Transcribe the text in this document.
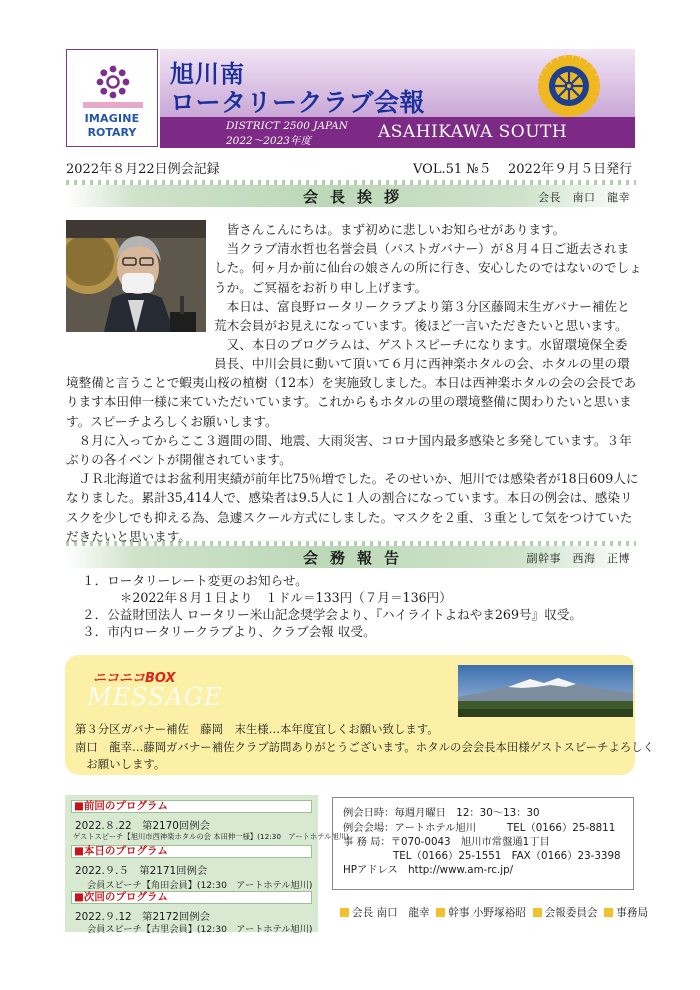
IMAGINE
ROTARY
旭川南
ロータリークラブ会報
DISTRICT 2500 JAPAN
2022〜2023年度	ASAHIKAWA SOUTH
2022年８月22日例会記録	VOL.51 №５ 2022年９月５日発行
会長挨拶	会長　南口　龍幸

　皆さんこんにちは。まず初めに悲しいお知らせがあります。

　当クラブ清水哲也名誉会員（パストガバナー）が８月４日ご逝去されま

した。何ヶ月か前に仙台の娘さんの所に行き、安心したのではないのでしょ

うか。ご冥福をお祈り申し上げます。

　本日は、富良野ロータリークラブより第３分区藤岡末生ガバナー補佐と

荒木会員がお見えになっています。後ほど一言いただきたいと思います。

　又、本日のプログラムは、ゲストスピーチになります。水留環境保全委

員長、中川会員に動いて頂いて６月に西神楽ホタルの会、ホタルの里の環

境整備と言うことで蝦夷山桜の植樹（12本）を実施致しました。本日は西神楽ホタルの会の会長であ

ります本田伸一様に来ていただいています。これからもホタルの里の環境整備に関わりたいと思いま

す。スピーチよろしくお願いします。

　８月に入ってからここ３週間の間、地震、大雨災害、コロナ国内最多感染と多発しています。３年

ぶりの各イベントが開催されています。

　ＪＲ北海道ではお盆利用実績が前年比75％増でした。そのせいか、旭川では感染者が18日609人に

なりました。累計35,414人で、感染者は9.5人に１人の割合になっています。本日の例会は、感染リ

スクを少しでも抑える為、急遽スクール方式にしました。マスクを２重、３重として気をつけていた

だきたいと思います。

会務報告	副幹事　西海　正博

１．ロータリーレート変更のお知らせ。

　　　＊2022年８月１日より　１ドル＝133円（７月＝136円）

２．公益財団法人 ロータリー米山記念奨学会より、『ハイライトよねやま269号』収受。

３．市内ロータリークラブより、クラブ会報 収受。

ニコニコBOX
MESSAGE

第３分区ガバナー補佐　藤岡　末生様…本年度宜しくお願い致します。

南口　龍幸…藤岡ガバナー補佐クラブ訪問ありがとうございます。ホタルの会会長本田様ゲストスピーチよろしく

　お願いします。

■前回のプログラム
2022.８.22　第2170回例会
ゲストスピーチ【旭川市西神楽ホタルの会 本田伸一様】(12:30　アートホテル旭川)
■本日のプログラム
2022.９.５　第2171回例会
会員スピーチ【角田会員】(12:30　アートホテル旭川)
■次回のプログラム
2022.９.12　第2172回例会
会員スピーチ【古里会員】(12:30　アートホテル旭川)

例会日時：毎週月曜日　12：30〜13：30

例会会場：アートホテル旭川　　　TEL（0166）25-8811

事 務 局：〒070-0043　旭川市常盤通1丁目

TEL（0166）25-1551　FAX（0166）23-3398

HPアドレス　http://www.am-rc.jp/

会長 南口　龍幸 幹事 小野塚裕昭 会報委員会 事務局
